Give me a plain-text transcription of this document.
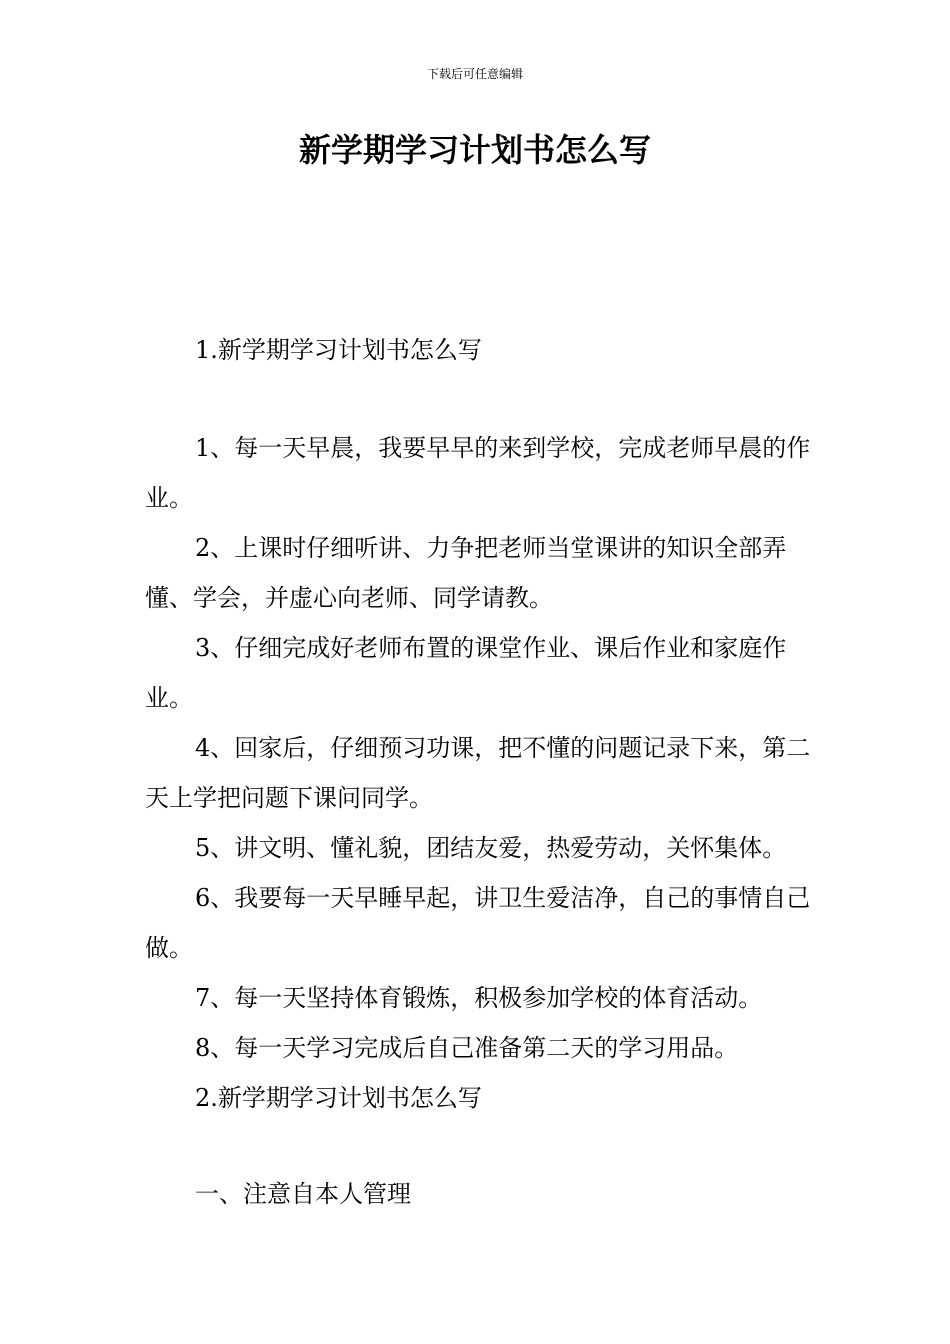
下载后可任意编辑
新学期学习计划书怎么写

1.新学期学习计划书怎么写

1、每一天早晨，我要早早的来到学校，完成老师早晨的作业。

2、上课时仔细听讲、力争把老师当堂课讲的知识全部弄懂、学会，并虚心向老师、同学请教。

3、仔细完成好老师布置的课堂作业、课后作业和家庭作业。

4、回家后，仔细预习功课，把不懂的问题记录下来，第二天上学把问题下课问同学。

5、讲文明、懂礼貌，团结友爱，热爱劳动，关怀集体。

6、我要每一天早睡早起，讲卫生爱洁净，自己的事情自己做。

7、每一天坚持体育锻炼，积极参加学校的体育活动。

8、每一天学习完成后自己准备第二天的学习用品。

2.新学期学习计划书怎么写

一、注意自本人管理
